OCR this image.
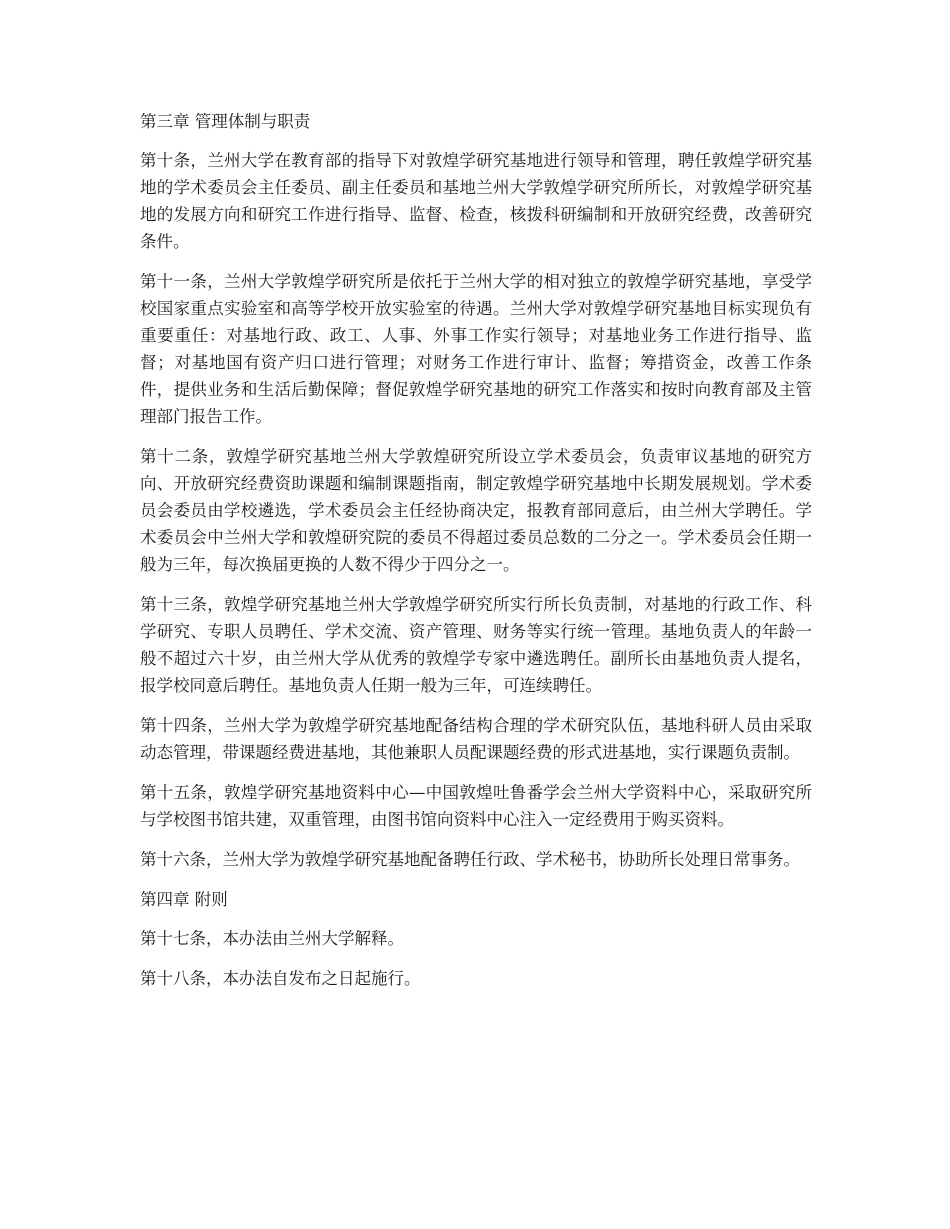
第三章 管理体制与职责

第十条，兰州大学在教育部的指导下对敦煌学研究基地进行领导和管理，聘任敦煌学研究基地的学术委员会主任委员、副主任委员和基地兰州大学敦煌学研究所所长，对敦煌学研究基地的发展方向和研究工作进行指导、监督、检查，核拨科研编制和开放研究经费，改善研究条件。

第十一条，兰州大学敦煌学研究所是依托于兰州大学的相对独立的敦煌学研究基地，享受学校国家重点实验室和高等学校开放实验室的待遇。兰州大学对敦煌学研究基地目标实现负有重要重任：对基地行政、政工、人事、外事工作实行领导；对基地业务工作进行指导、监督；对基地国有资产归口进行管理；对财务工作进行审计、监督；筹措资金，改善工作条件，提供业务和生活后勤保障；督促敦煌学研究基地的研究工作落实和按时向教育部及主管理部门报告工作。

第十二条，敦煌学研究基地兰州大学敦煌研究所设立学术委员会，负责审议基地的研究方向、开放研究经费资助课题和编制课题指南，制定敦煌学研究基地中长期发展规划。学术委员会委员由学校遴选，学术委员会主任经协商决定，报教育部同意后，由兰州大学聘任。学术委员会中兰州大学和敦煌研究院的委员不得超过委员总数的二分之一。学术委员会任期一般为三年，每次换届更换的人数不得少于四分之一。

第十三条，敦煌学研究基地兰州大学敦煌学研究所实行所长负责制，对基地的行政工作、科学研究、专职人员聘任、学术交流、资产管理、财务等实行统一管理。基地负责人的年龄一般不超过六十岁，由兰州大学从优秀的敦煌学专家中遴选聘任。副所长由基地负责人提名，报学校同意后聘任。基地负责人任期一般为三年，可连续聘任。

第十四条，兰州大学为敦煌学研究基地配备结构合理的学术研究队伍，基地科研人员由采取动态管理，带课题经费进基地，其他兼职人员配课题经费的形式进基地，实行课题负责制。

第十五条，敦煌学研究基地资料中心—中国敦煌吐鲁番学会兰州大学资料中心，采取研究所与学校图书馆共建，双重管理，由图书馆向资料中心注入一定经费用于购买资料。

第十六条，兰州大学为敦煌学研究基地配备聘任行政、学术秘书，协助所长处理日常事务。

第四章 附则

第十七条，本办法由兰州大学解释。

第十八条，本办法自发布之日起施行。
